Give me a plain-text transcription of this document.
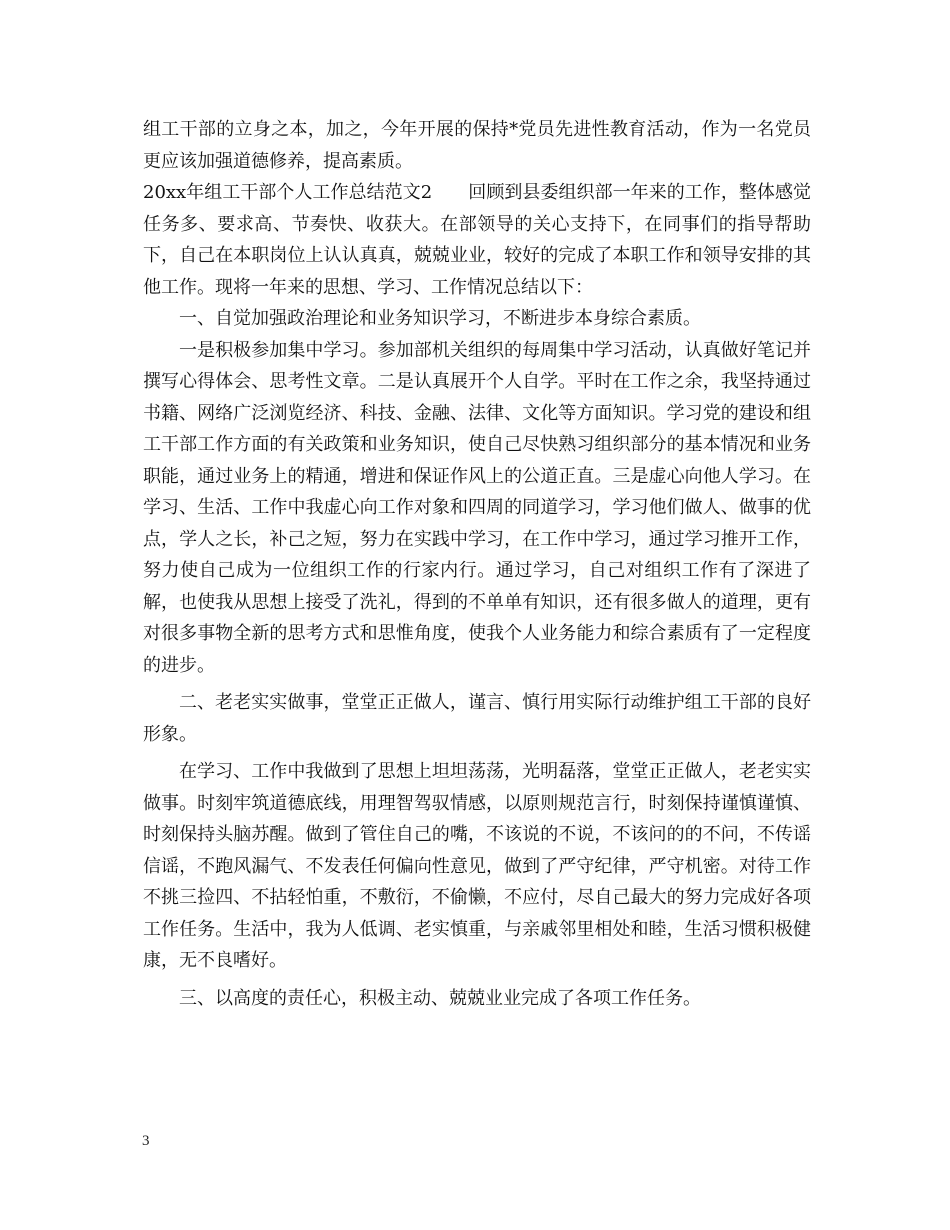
组工干部的立身之本，加之，今年开展的保持*党员先进性教育活动，作为一名党员更应该加强道德修养，提高素质。

20xx年组工干部个人工作总结范文2　　回顾到县委组织部一年来的工作，整体感觉任务多、要求高、节奏快、收获大。在部领导的关心支持下，在同事们的指导帮助下，自己在本职岗位上认认真真，兢兢业业，较好的完成了本职工作和领导安排的其他工作。现将一年来的思想、学习、工作情况总结以下：

一、自觉加强政治理论和业务知识学习，不断进步本身综合素质。

一是积极参加集中学习。参加部机关组织的每周集中学习活动，认真做好笔记并撰写心得体会、思考性文章。二是认真展开个人自学。平时在工作之余，我坚持通过书籍、网络广泛浏览经济、科技、金融、法律、文化等方面知识。学习党的建设和组工干部工作方面的有关政策和业务知识，使自己尽快熟习组织部分的基本情况和业务职能，通过业务上的精通，增进和保证作风上的公道正直。三是虚心向他人学习。在学习、生活、工作中我虚心向工作对象和四周的同道学习，学习他们做人、做事的优点，学人之长，补己之短，努力在实践中学习，在工作中学习，通过学习推开工作，努力使自己成为一位组织工作的行家内行。通过学习，自己对组织工作有了深进了解，也使我从思想上接受了洗礼，得到的不单单有知识，还有很多做人的道理，更有对很多事物全新的思考方式和思惟角度，使我个人业务能力和综合素质有了一定程度的进步。

二、老老实实做事，堂堂正正做人，谨言、慎行用实际行动维护组工干部的良好形象。

在学习、工作中我做到了思想上坦坦荡荡，光明磊落，堂堂正正做人，老老实实做事。时刻牢筑道德底线，用理智驾驭情感，以原则规范言行，时刻保持谨慎谨慎、时刻保持头脑苏醒。做到了管住自己的嘴，不该说的不说，不该问的的不问，不传谣信谣，不跑风漏气、不发表任何偏向性意见，做到了严守纪律，严守机密。对待工作不挑三捡四、不拈轻怕重，不敷衍，不偷懒，不应付，尽自己最大的努力完成好各项工作任务。生活中，我为人低调、老实慎重，与亲戚邻里相处和睦，生活习惯积极健康，无不良嗜好。

三、以高度的责任心，积极主动、兢兢业业完成了各项工作任务。

3
